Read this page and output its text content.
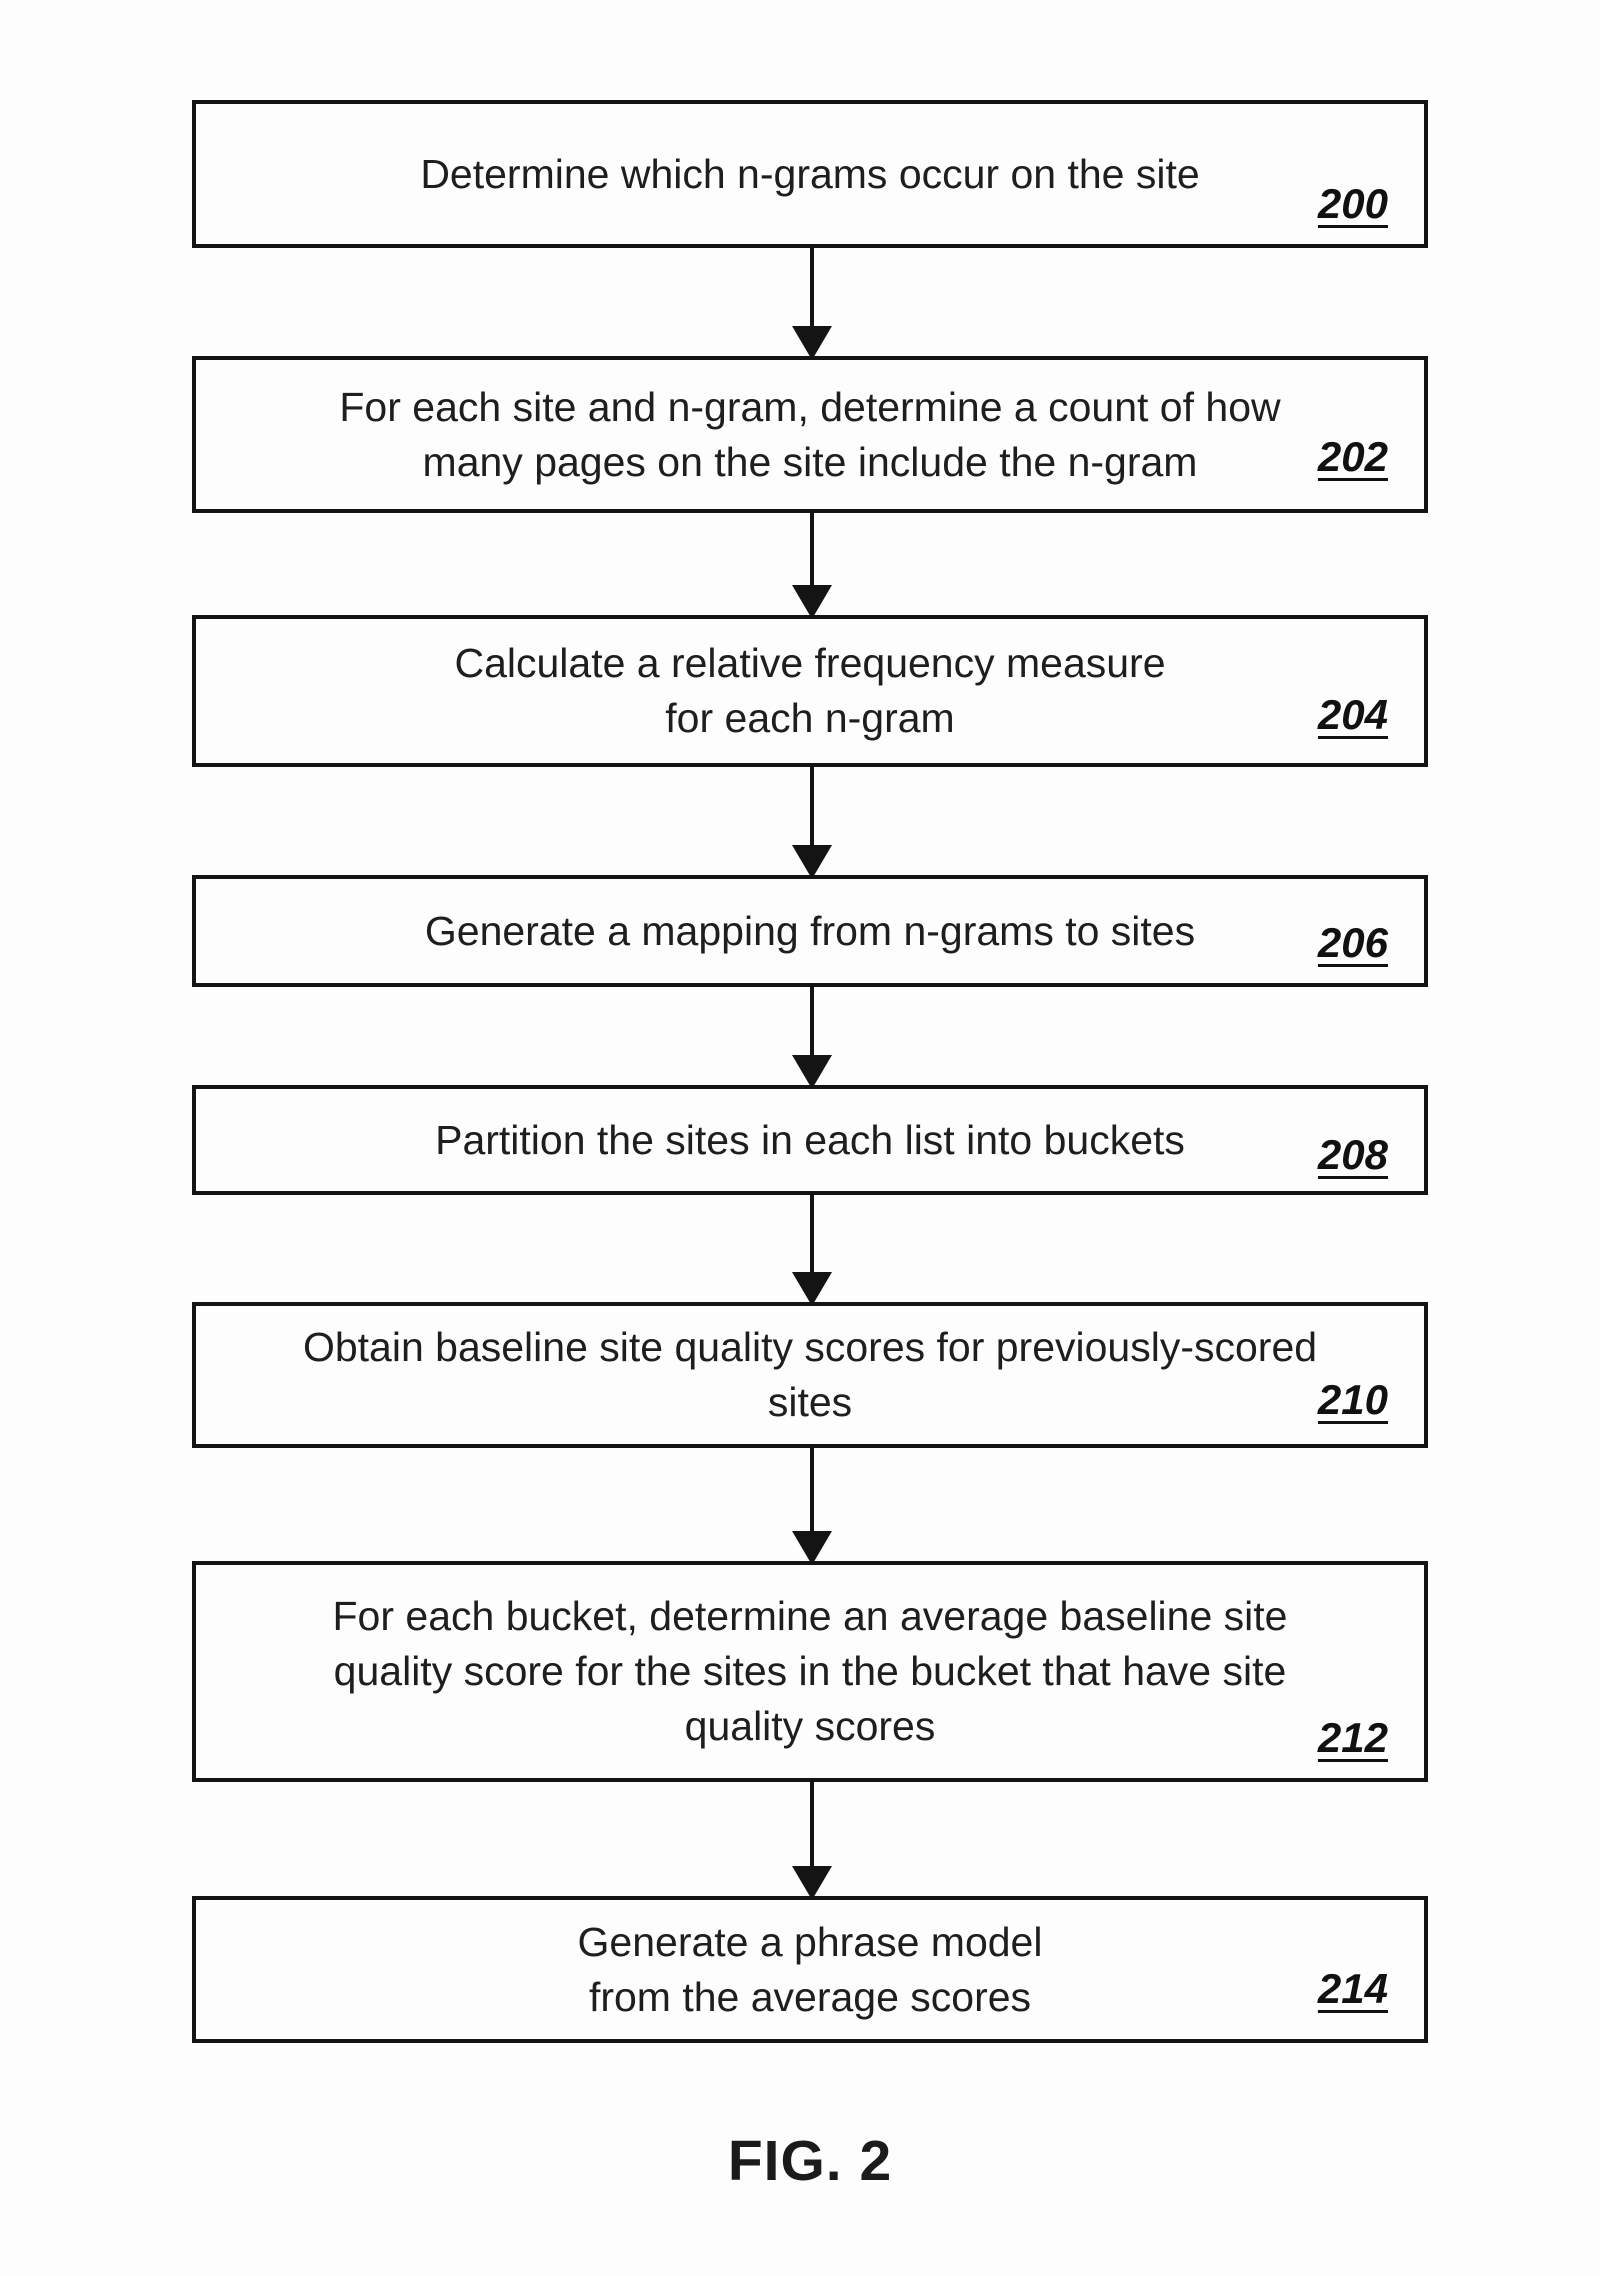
Determine which n-grams occur on the site
200
For each site and n-gram, determine a count of how
many pages on the site include the n-gram	202
Calculate a relative frequency measure
for each n-gram	204
Generate a mapping from n-grams to sites	206
Partition the sites in each list into buckets	208
Obtain baseline site quality scores for previously-scored
sites	210
For each bucket, determine an average baseline site
quality score for the sites in the bucket that have site
quality scores	212
Generate a phrase model
from the average scores	214
FIG. 2
